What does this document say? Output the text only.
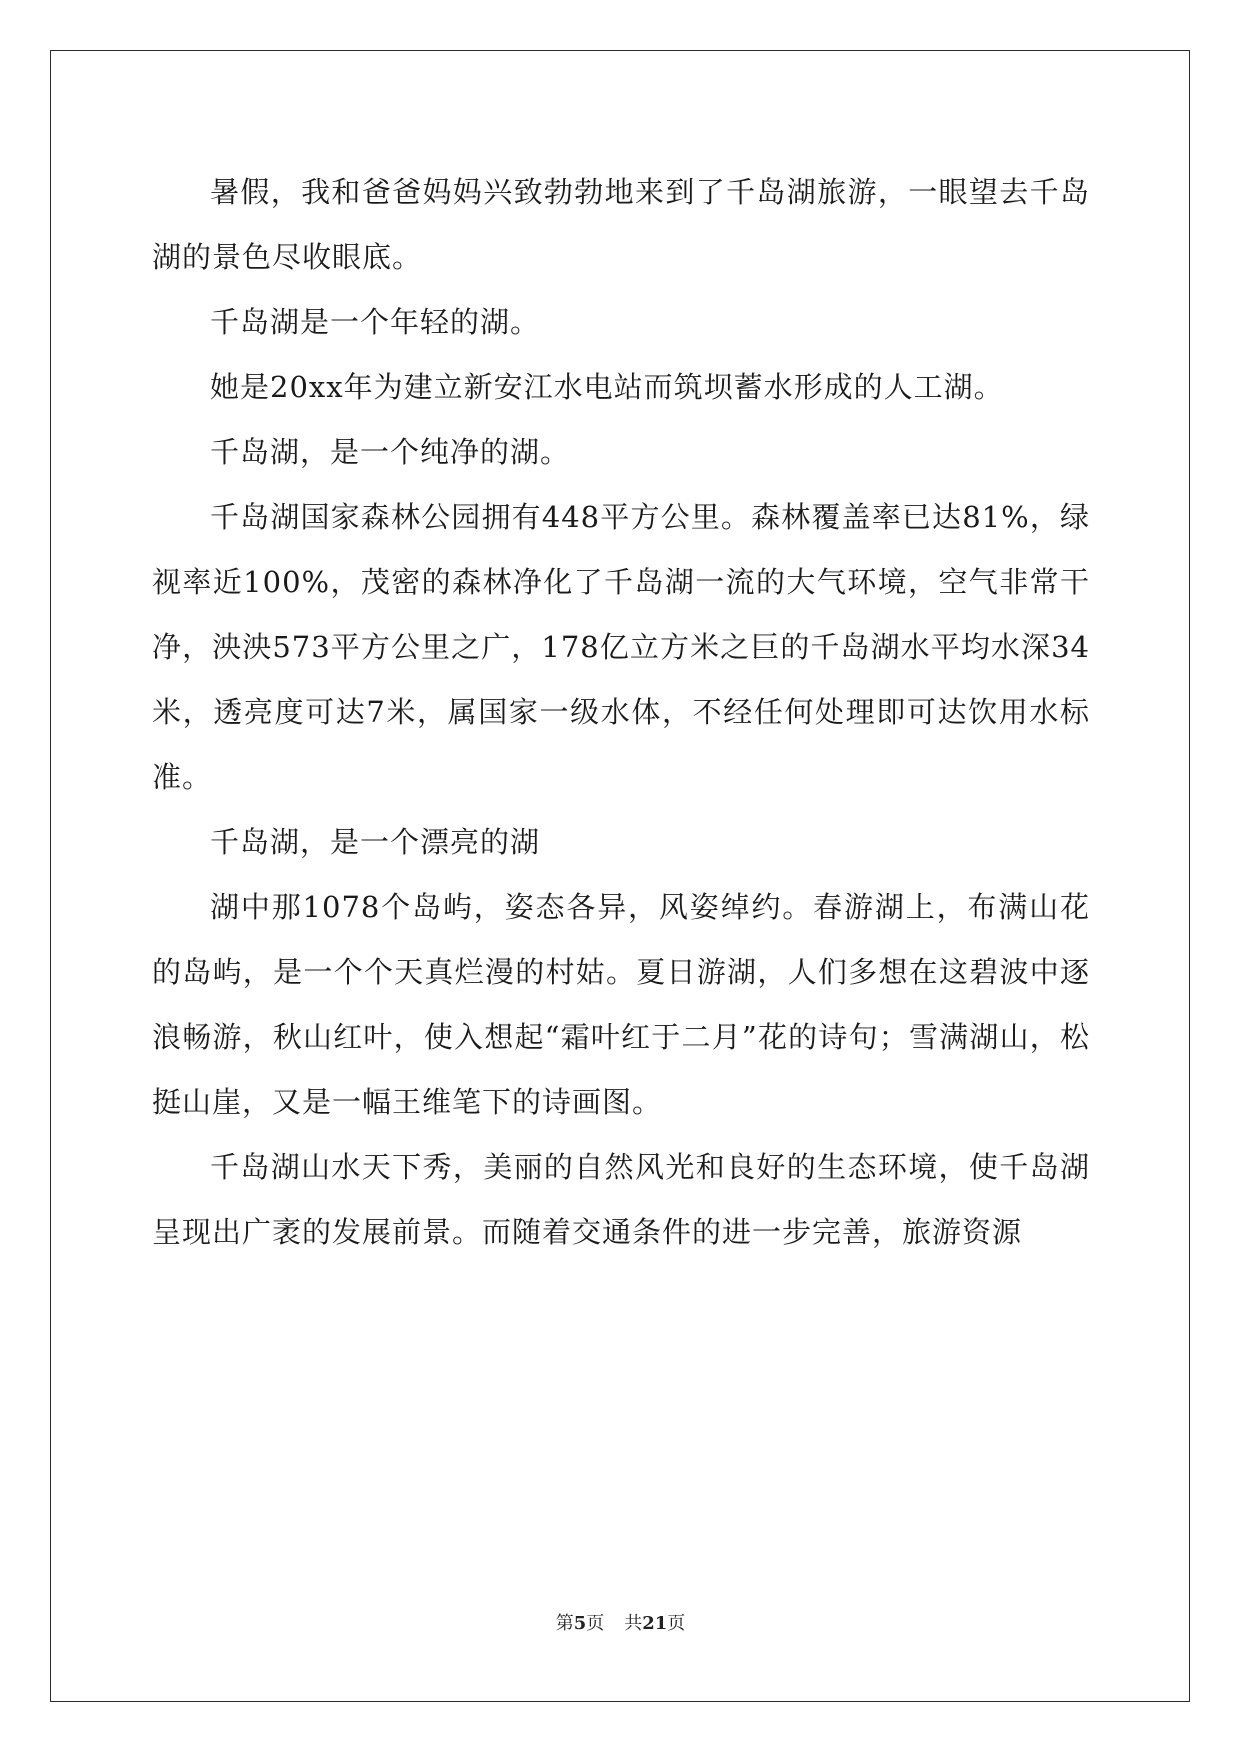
暑假，我和爸爸妈妈兴致勃勃地来到了千岛湖旅游，一眼望去千岛湖的景色尽收眼底。

千岛湖是一个年轻的湖。

她是20xx年为建立新安江水电站而筑坝蓄水形成的人工湖。

千岛湖，是一个纯净的湖。

千岛湖国家森林公园拥有448平方公里。森林覆盖率已达81%，绿视率近100%，茂密的森林净化了千岛湖一流的大气环境，空气非常干净，泱泱573平方公里之广，178亿立方米之巨的千岛湖水平均水深34米，透亮度可达7米，属国家一级水体，不经任何处理即可达饮用水标准。

千岛湖，是一个漂亮的湖

湖中那1078个岛屿，姿态各异，风姿绰约。春游湖上，布满山花的岛屿，是一个个天真烂漫的村姑。夏日游湖，人们多想在这碧波中逐浪畅游，秋山红叶，使入想起“霜叶红于二月”花的诗句；雪满湖山，松挺山崖，又是一幅王维笔下的诗画图。

千岛湖山水天下秀，美丽的自然风光和良好的生态环境，使千岛湖呈现出广袤的发展前景。而随着交通条件的进一步完善，旅游资源

第5页 共21页
